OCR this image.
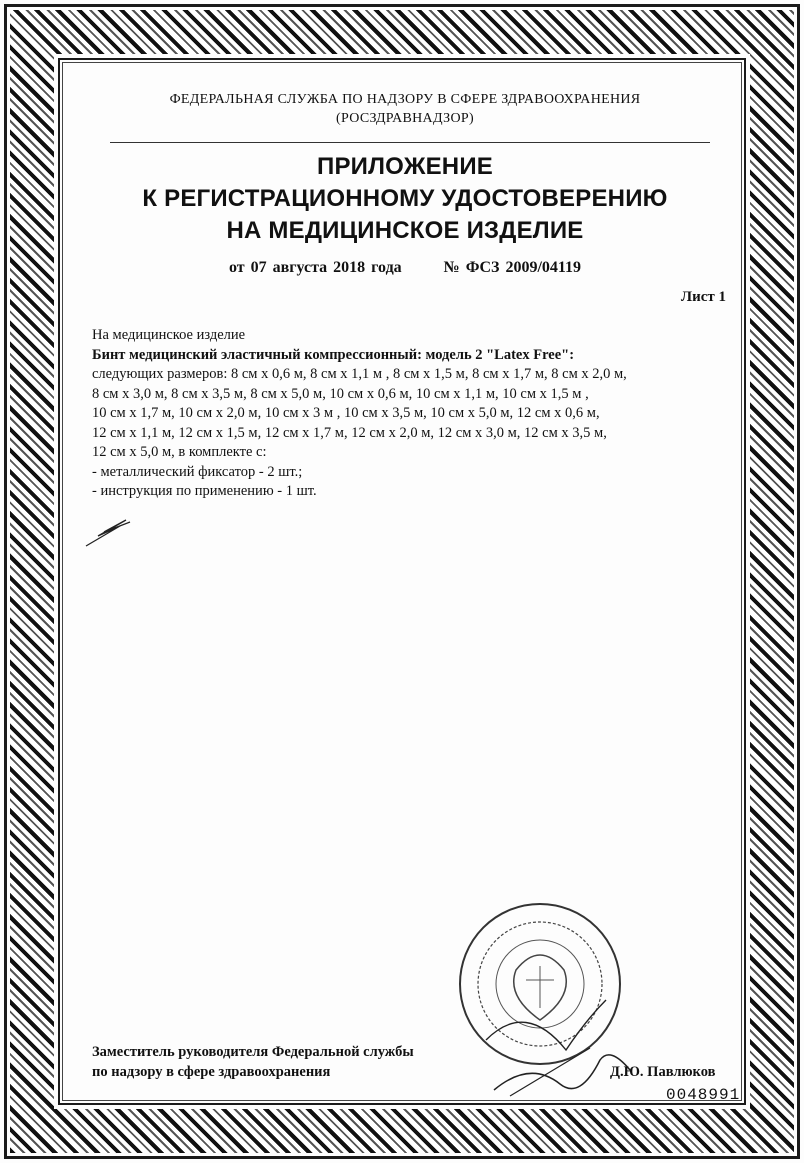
ФЕДЕРАЛЬНАЯ СЛУЖБА ПО НАДЗОРУ В СФЕРЕ ЗДРАВООХРАНЕНИЯ
(РОСЗДРАВНАДЗОР)
ПРИЛОЖЕНИЕ
К РЕГИСТРАЦИОННОМУ УДОСТОВЕРЕНИЮ
НА МЕДИЦИНСКОЕ ИЗДЕЛИЕ
от 07 августа 2018 года	№ ФСЗ 2009/04119
Лист 1
На медицинское изделие
Бинт медицинский эластичный компрессионный: модель 2 "Latex Free":
следующих размеров: 8 см х 0,6 м, 8 см х 1,1 м , 8 см х 1,5 м, 8 см х 1,7 м, 8 см х 2,0 м,
8 см х 3,0 м, 8 см х 3,5 м, 8 см х 5,0 м, 10 см х 0,6 м, 10 см х 1,1 м, 10 см х 1,5 м ,
10 см х 1,7 м, 10 см х 2,0 м, 10 см х 3 м , 10 см х 3,5 м, 10 см х 5,0 м, 12 см х 0,6 м,
12 см х 1,1 м, 12 см х 1,5 м, 12 см х 1,7 м, 12 см х 2,0 м, 12 см х 3,0 м, 12 см х 3,5 м,
12 см х 5,0 м, в комплекте с:
- металлический фиксатор - 2 шт.;
- инструкция по применению - 1 шт.
Заместитель руководителя Федеральной службы
по надзору в сфере здравоохранения	Д.Ю. Павлюков
0048991
